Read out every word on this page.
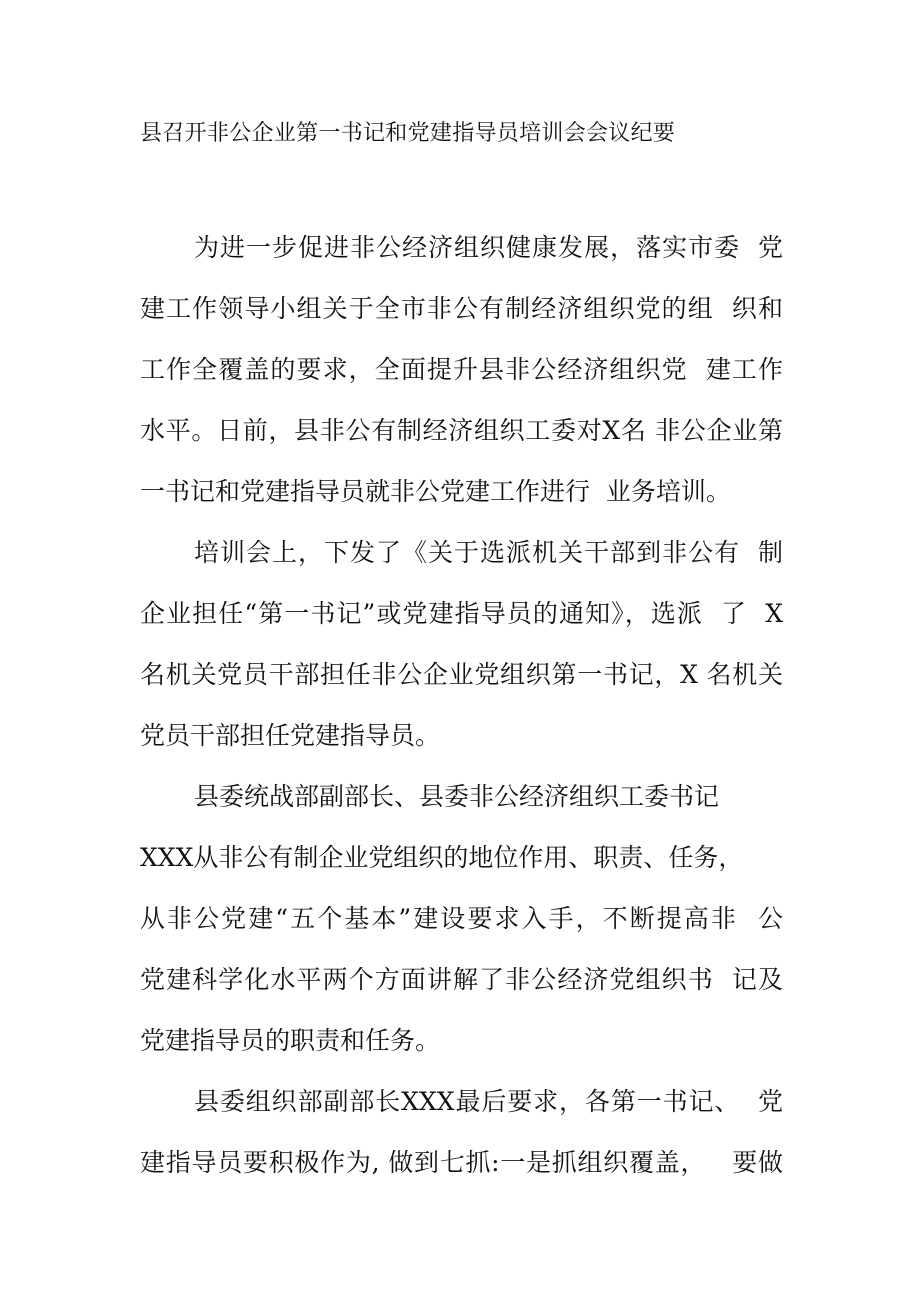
县召开非公企业第一书记和党建指导员培训会会议纪要
为进一步促进非公经济组织健康发展，落实市委  党
建工作领导小组关于全市非公有制经济组织党的组  织和
工作全覆盖的要求，全面提升县非公经济组织党  建工作
水平。日前，县非公有制经济组织工委对X名 非公企业第
一书记和党建指导员就非公党建工作进行  业务培训。
培训会上，下发了《关于选派机关干部到非公有  制
企业担任“第一书记”或党建指导员的通知》，选派  了  X
名机关党员干部担任非公企业党组织第一书记，X 名机关
党员干部担任党建指导员。
县委统战部副部长、县委非公经济组织工委书记
XXX从非公有制企业党组织的地位作用、职责、任务，
从非公党建“五个基本”建设要求入手，不断提高非  公
党建科学化水平两个方面讲解了非公经济党组织书  记及
党建指导员的职责和任务。
县委组织部副部长XXX最后要求，各第一书记、  党
建指导员要积极作为, 做到七抓:一是抓组织覆盖，   要做
